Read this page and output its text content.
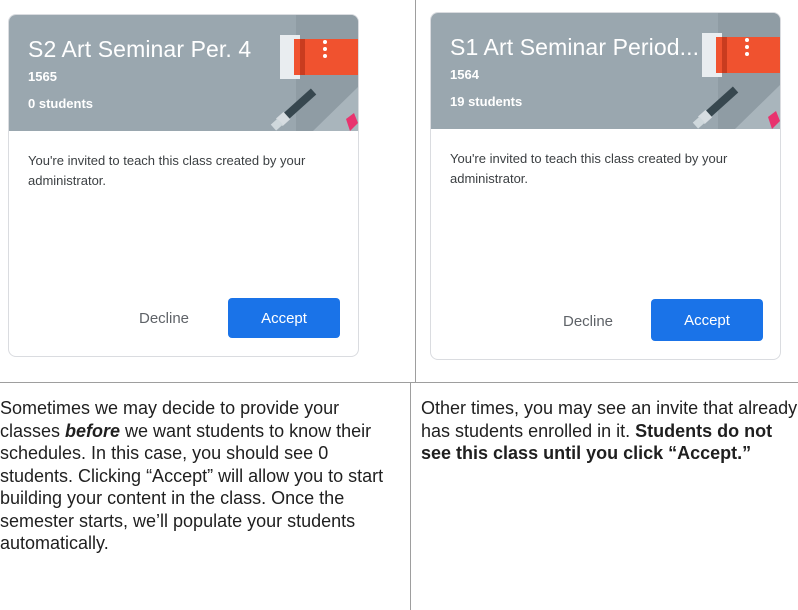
S2 Art Seminar Per. 4
1565
0 students
You're invited to teach this class created by your administrator.
Decline	Accept
S1 Art Seminar Period...
1564
19 students
You're invited to teach this class created by your administrator.
Decline	Accept
Sometimes we may decide to provide your classes before we want students to know their schedules. In this case, you should see 0 students. Clicking “Accept” will allow you to start building your content in the class. Once the semester starts, we’ll populate your students automatically.
Other times, you may see an invite that already has students enrolled in it. Students do not see this class until you click “Accept.”
